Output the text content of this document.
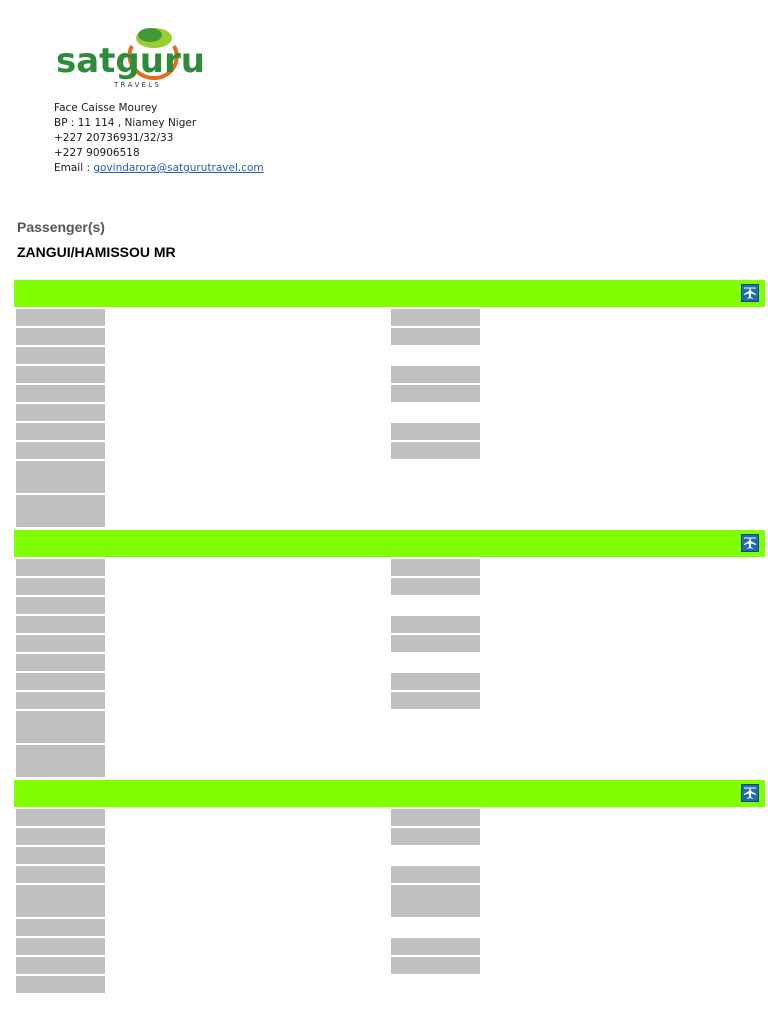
satguru
T R A V E L S
Face Caisse Mourey
BP : 11 114 , Niamey Niger
+227 20736931/32/33
+227 90906518
Email : govindarora@satgurutravel.com
Passenger(s)
ZANGUI/HAMISSOU MR
